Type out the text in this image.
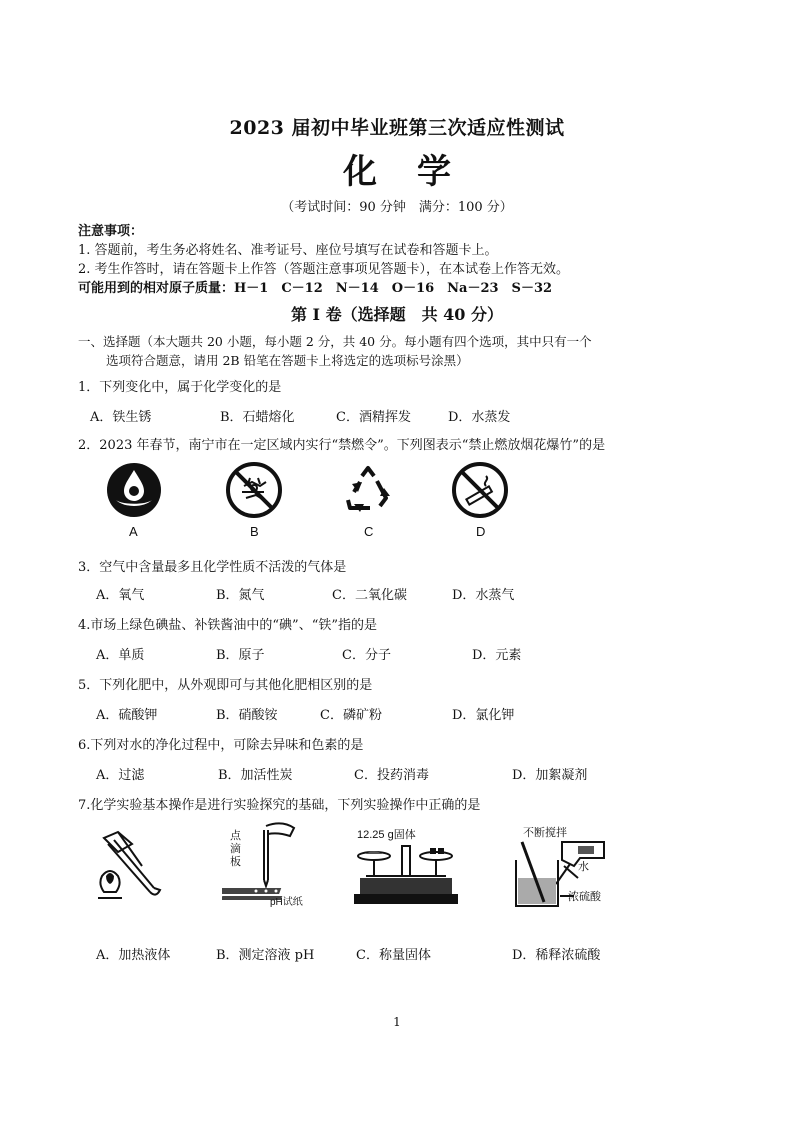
2023 届初中毕业班第三次适应性测试
化学
（考试时间：90 分钟　满分：100 分）
注意事项：
1. 答题前，考生务必将姓名、准考证号、座位号填写在试卷和答题卡上。
2. 考生作答时，请在答题卡上作答（答题注意事项见答题卡），在本试卷上作答无效。
可能用到的相对原子质量：H－1　C－12　N－14　O－16　Na－23　S－32
第 I 卷（选择题　共 40 分）
一、选择题（本大题共 20 小题，每小题 2 分，共 40 分。每小题有四个选项，其中只有一个
选项符合题意，请用 2B 铅笔在答题卡上将选定的选项标号涂黑）
1．下列变化中，属于化学变化的是
A．铁生锈	B．石蜡熔化	C．酒精挥发	D．水蒸发
2．2023 年春节，南宁市在一定区域内实行“禁燃令”。下列图表示“禁止燃放烟花爆竹”的是
A	B	C	D
3．空气中含量最多且化学性质不活泼的气体是
A．氧气	B．氮气	C．二氧化碳	D．水蒸气
4.市场上绿色碘盐、补铁酱油中的“碘”、“铁”指的是
A．单质	B．原子	C．分子	D．元素
5．下列化肥中，从外观即可与其他化肥相区别的是
A．硫酸钾	B．硝酸铵	C．磷矿粉	D．氯化钾
6.下列对水的净化过程中，可除去异味和色素的是
A．过滤	B．加活性炭	C．投药消毒	D．加絮凝剂
7.化学实验基本操作是进行实验探究的基础，下列实验操作中正确的是
点滴板
pH试纸
12.25 g固体	不断搅拌
水
浓硫酸
A．加热液体	B．测定溶液 pH	C．称量固体	D．稀释浓硫酸
1
